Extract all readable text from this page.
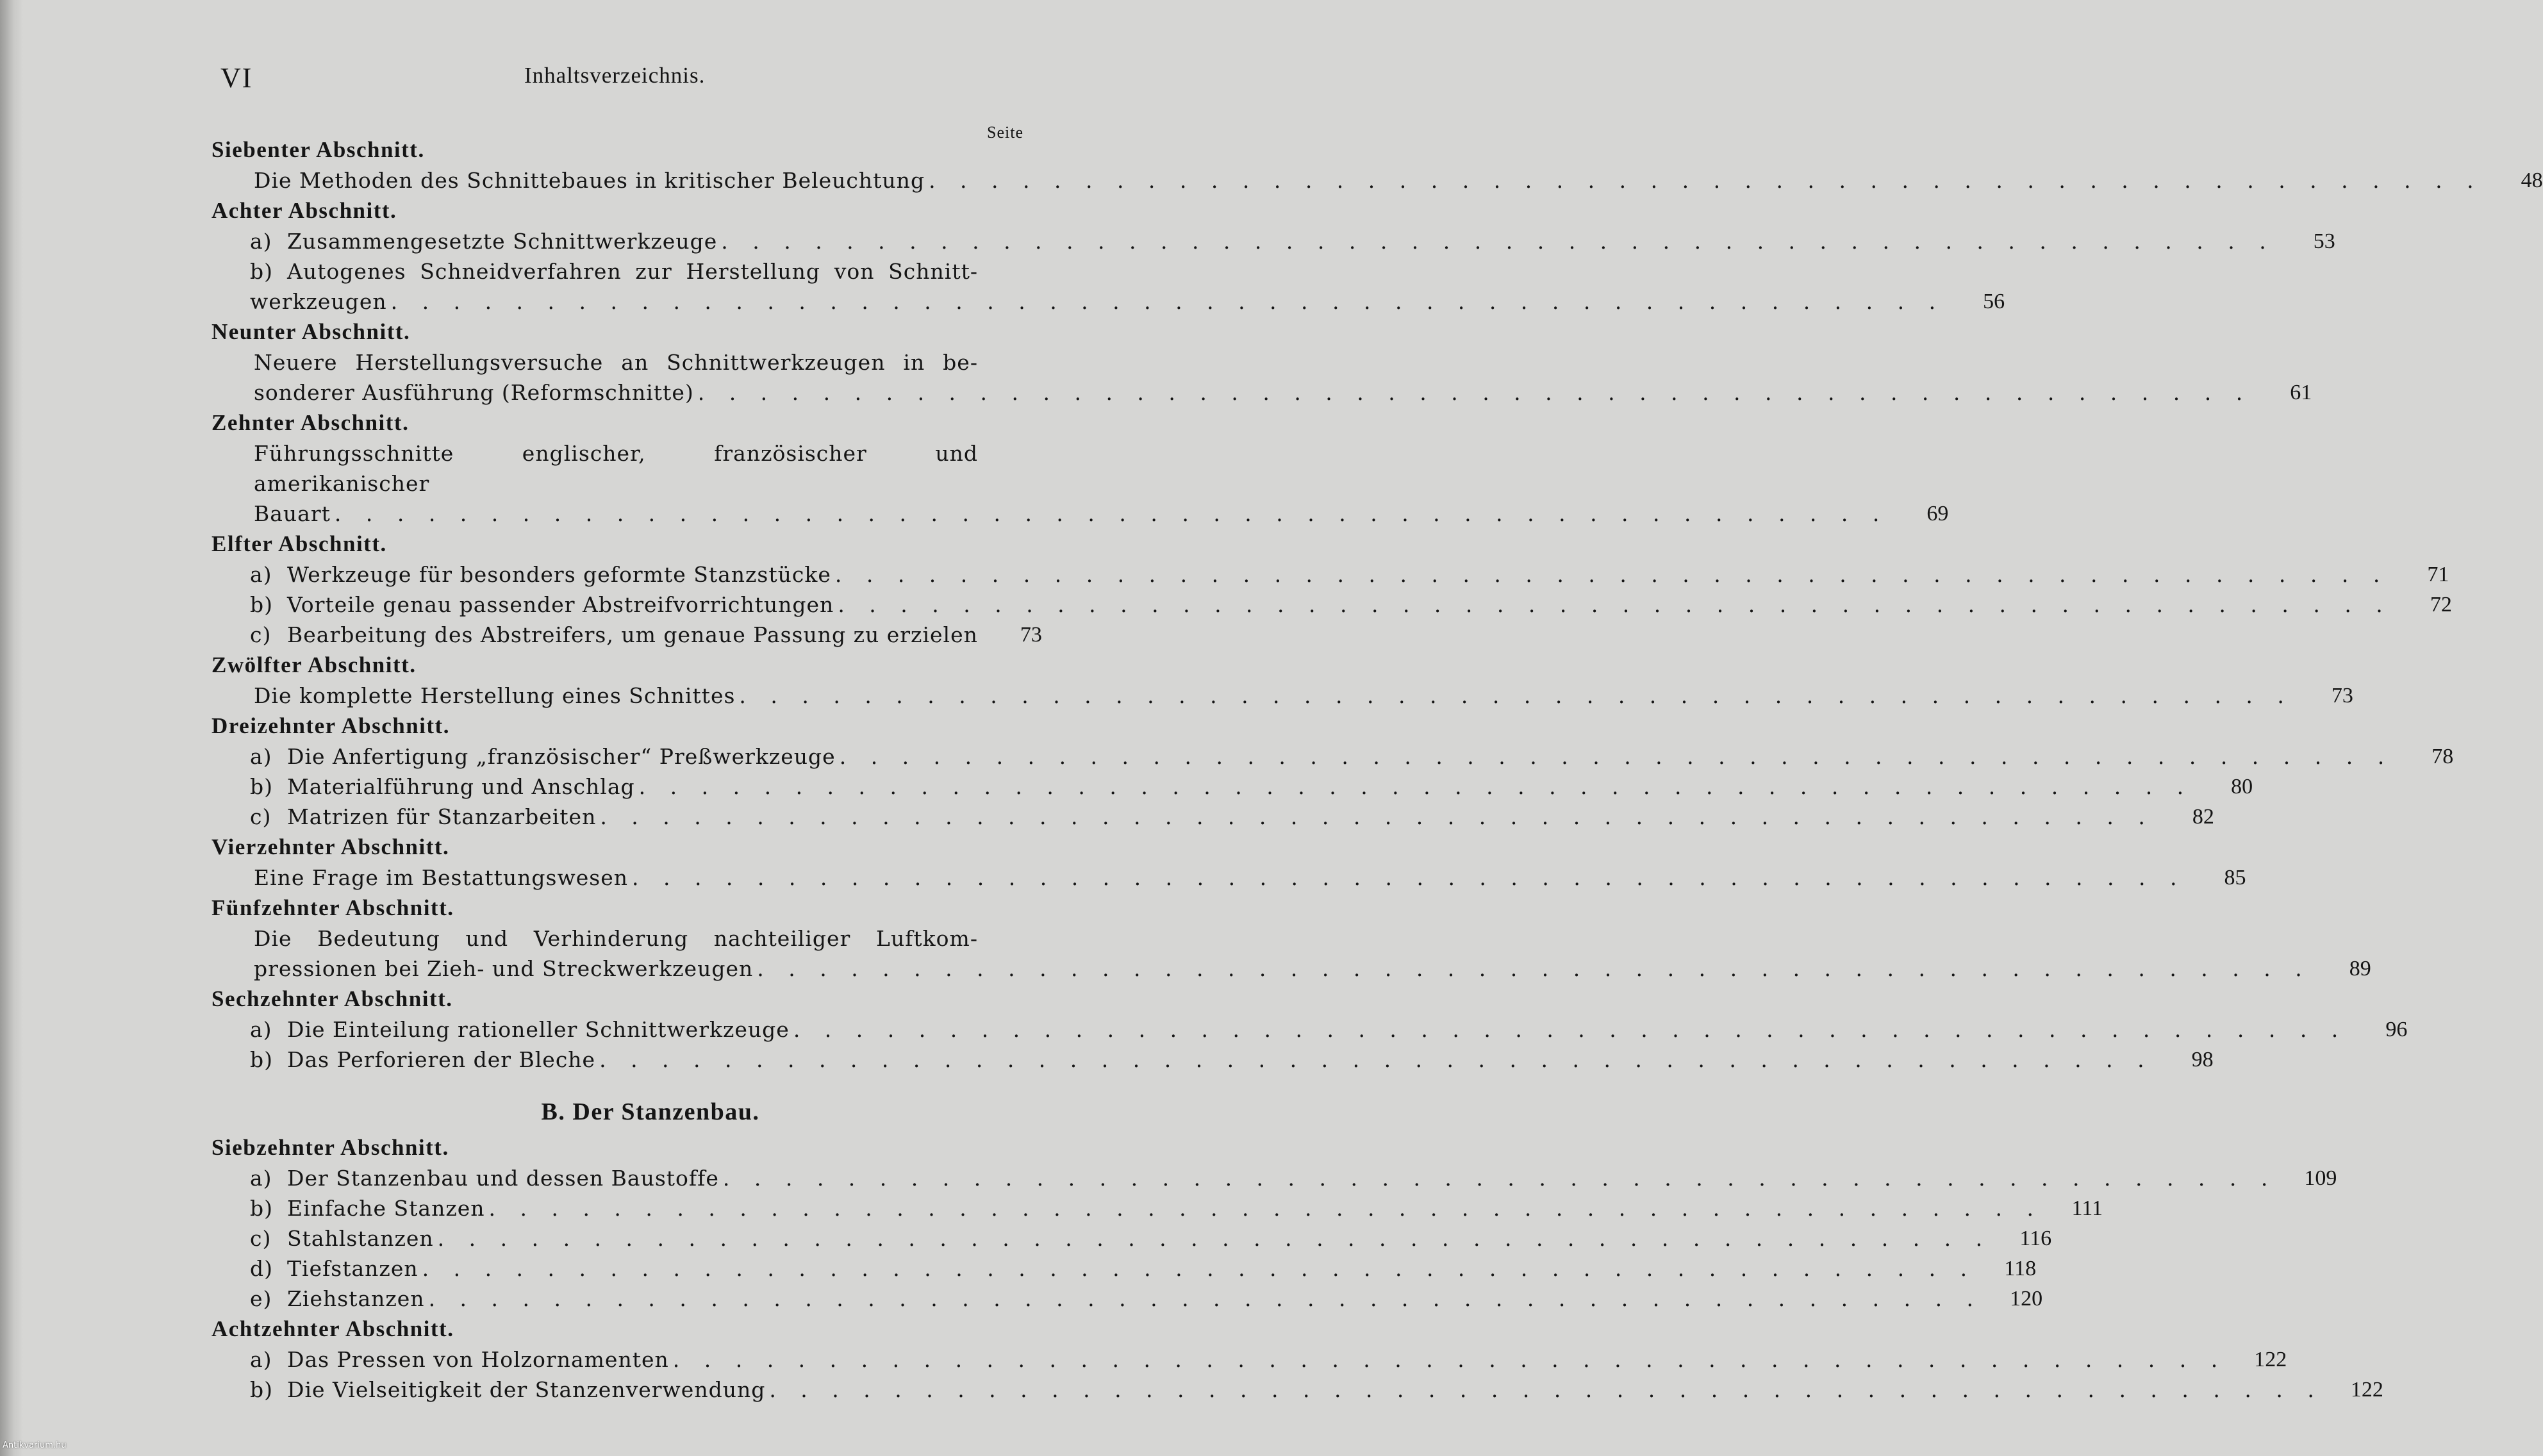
VI	Inhaltsverzeichnis.
Seite
Siebenter Abschnitt.
Die Methoden des Schnittebaues in kritischer Beleuchtung . . . . . . . . . . . . . . . . . . . . . . . . . . . . . . . . . . . . . . . . . . . . . . . . . .	48
Achter Abschnitt.
a) Zusammengesetzte Schnittwerkzeuge . . . . . . . . . . . . . . . . . . . . . . . . . . . . . . . . . . . . . . . . . . . . . . . . . .	53
b) Autogenes Schneidverfahren zur Herstellung von Schnitt-
werkzeugen . . . . . . . . . . . . . . . . . . . . . . . . . . . . . . . . . . . . . . . . . . . . . . . . . .	56
Neunter Abschnitt.
Neuere Herstellungsversuche an Schnittwerkzeugen in be-
sonderer Ausführung (Reformschnitte) . . . . . . . . . . . . . . . . . . . . . . . . . . . . . . . . . . . . . . . . . . . . . . . . . .	61
Zehnter Abschnitt.
Führungsschnitte englischer, französischer und amerikanischer
Bauart . . . . . . . . . . . . . . . . . . . . . . . . . . . . . . . . . . . . . . . . . . . . . . . . . .	69
Elfter Abschnitt.
a) Werkzeuge für besonders geformte Stanzstücke . . . . . . . . . . . . . . . . . . . . . . . . . . . . . . . . . . . . . . . . . . . . . . . . . .	71
b) Vorteile genau passender Abstreifvorrichtungen . . . . . . . . . . . . . . . . . . . . . . . . . . . . . . . . . . . . . . . . . . . . . . . . . .	72
c) Bearbeitung des Abstreifers, um genaue Passung zu erzielen	73
Zwölfter Abschnitt.
Die komplette Herstellung eines Schnittes . . . . . . . . . . . . . . . . . . . . . . . . . . . . . . . . . . . . . . . . . . . . . . . . . .	73
Dreizehnter Abschnitt.
a) Die Anfertigung „französischer“ Preßwerkzeuge . . . . . . . . . . . . . . . . . . . . . . . . . . . . . . . . . . . . . . . . . . . . . . . . . .	78
b) Materialführung und Anschlag . . . . . . . . . . . . . . . . . . . . . . . . . . . . . . . . . . . . . . . . . . . . . . . . . .	80
c) Matrizen für Stanzarbeiten . . . . . . . . . . . . . . . . . . . . . . . . . . . . . . . . . . . . . . . . . . . . . . . . . .	82
Vierzehnter Abschnitt.
Eine Frage im Bestattungswesen . . . . . . . . . . . . . . . . . . . . . . . . . . . . . . . . . . . . . . . . . . . . . . . . . .	85
Fünfzehnter Abschnitt.
Die Bedeutung und Verhinderung nachteiliger Luftkom-
pressionen bei Zieh- und Streckwerkzeugen . . . . . . . . . . . . . . . . . . . . . . . . . . . . . . . . . . . . . . . . . . . . . . . . . .	89
Sechzehnter Abschnitt.
a) Die Einteilung rationeller Schnittwerkzeuge . . . . . . . . . . . . . . . . . . . . . . . . . . . . . . . . . . . . . . . . . . . . . . . . . .	96
b) Das Perforieren der Bleche . . . . . . . . . . . . . . . . . . . . . . . . . . . . . . . . . . . . . . . . . . . . . . . . . .	98
B. Der Stanzenbau.
Siebzehnter Abschnitt.
a) Der Stanzenbau und dessen Baustoffe . . . . . . . . . . . . . . . . . . . . . . . . . . . . . . . . . . . . . . . . . . . . . . . . . .	109
b) Einfache Stanzen . . . . . . . . . . . . . . . . . . . . . . . . . . . . . . . . . . . . . . . . . . . . . . . . . .	111
c) Stahlstanzen . . . . . . . . . . . . . . . . . . . . . . . . . . . . . . . . . . . . . . . . . . . . . . . . . .	116
d) Tiefstanzen . . . . . . . . . . . . . . . . . . . . . . . . . . . . . . . . . . . . . . . . . . . . . . . . . .	118
e) Ziehstanzen . . . . . . . . . . . . . . . . . . . . . . . . . . . . . . . . . . . . . . . . . . . . . . . . . .	120
Achtzehnter Abschnitt.
a) Das Pressen von Holzornamenten . . . . . . . . . . . . . . . . . . . . . . . . . . . . . . . . . . . . . . . . . . . . . . . . . .	122
b) Die Vielseitigkeit der Stanzenverwendung . . . . . . . . . . . . . . . . . . . . . . . . . . . . . . . . . . . . . . . . . . . . . . . . . .	122
Antikvarium.hu
